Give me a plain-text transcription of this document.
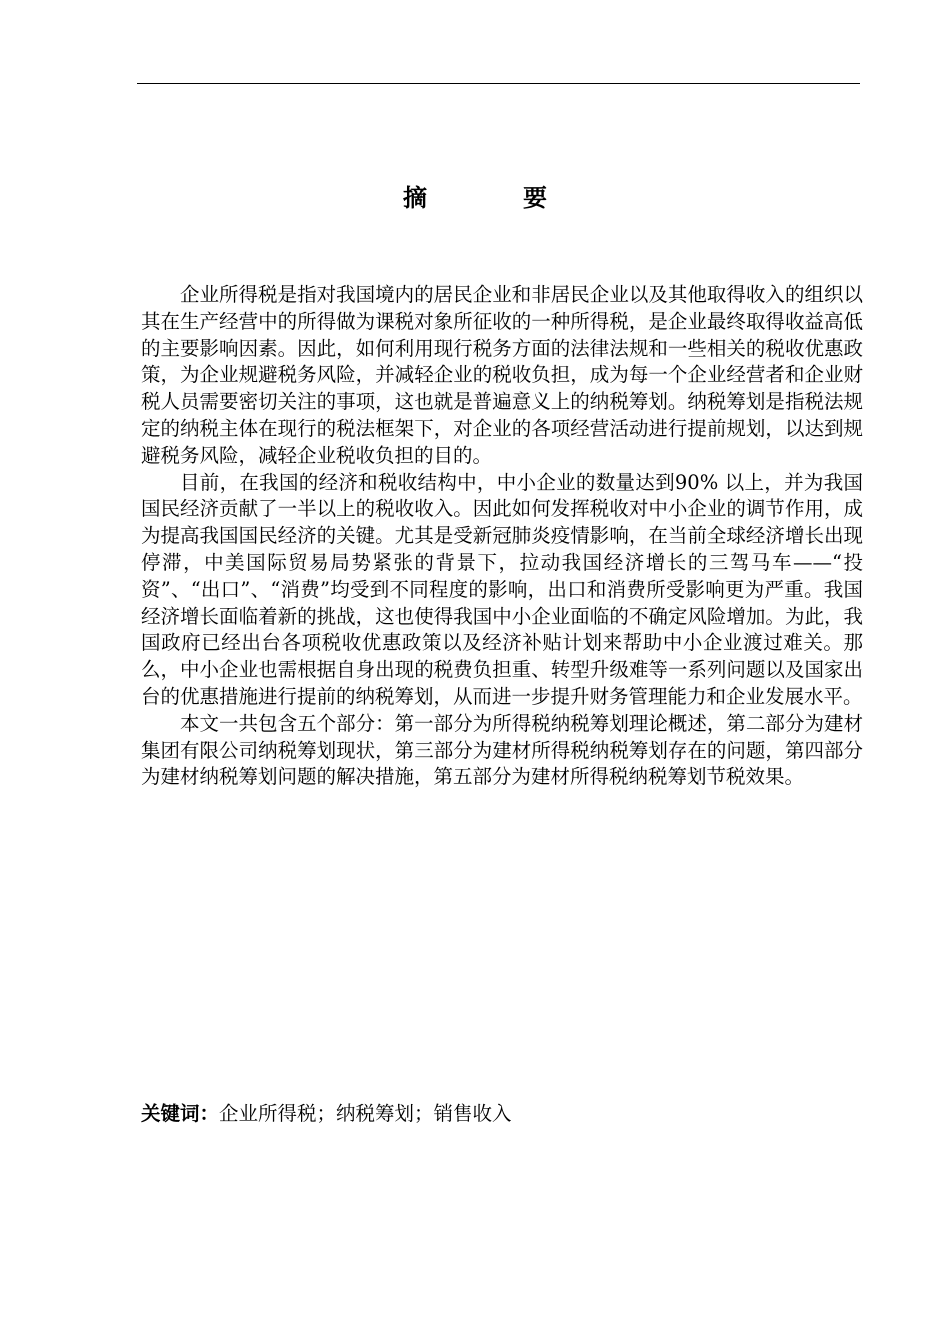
摘	要

企业所得税是指对我国境内的居民企业和非居民企业以及其他取得收入的组织以其在生产经营中的所得做为课税对象所征收的一种所得税，是企业最终取得收益高低的主要影响因素。因此，如何利用现行税务方面的法律法规和一些相关的税收优惠政策，为企业规避税务风险，并减轻企业的税收负担，成为每一个企业经营者和企业财税人员需要密切关注的事项，这也就是普遍意义上的纳税筹划。纳税筹划是指税法规定的纳税主体在现行的税法框架下，对企业的各项经营活动进行提前规划，以达到规避税务风险，减轻企业税收负担的目的。

目前，在我国的经济和税收结构中，中小企业的数量达到90% 以上，并为我国国民经济贡献了一半以上的税收收入。因此如何发挥税收对中小企业的调节作用，成为提高我国国民经济的关键。尤其是受新冠肺炎疫情影响，在当前全球经济增长出现停滞，中美国际贸易局势紧张的背景下，拉动我国经济增长的三驾马车——“投资”、“出口”、“消费”均受到不同程度的影响，出口和消费所受影响更为严重。我国经济增长面临着新的挑战，这也使得我国中小企业面临的不确定风险增加。为此，我国政府已经出台各项税收优惠政策以及经济补贴计划来帮助中小企业渡过难关。那么，中小企业也需根据自身出现的税费负担重、转型升级难等一系列问题以及国家出台的优惠措施进行提前的纳税筹划，从而进一步提升财务管理能力和企业发展水平。

本文一共包含五个部分：第一部分为所得税纳税筹划理论概述，第二部分为建材集团有限公司纳税筹划现状，第三部分为建材所得税纳税筹划存在的问题，第四部分为建材纳税筹划问题的解决措施，第五部分为建材所得税纳税筹划节税效果。

关键词：企业所得税；纳税筹划；销售收入
